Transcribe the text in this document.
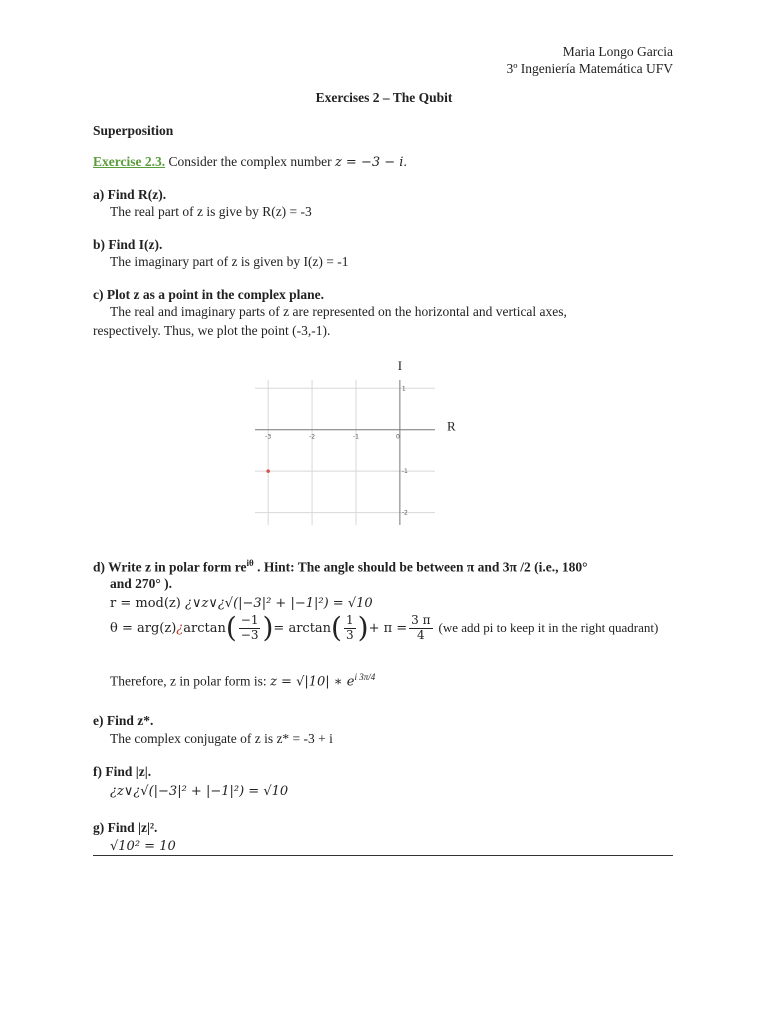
Maria Longo Garcia
3º Ingeniería Matemática UFV
Exercises 2 – The Qubit
Superposition
Exercise 2.3. Consider the complex number z = −3 − i.
a) Find R(z).
The real part of z is give by R(z) = -3
b) Find I(z).
The imaginary part of z is given by I(z) = -1
c) Plot z as a point in the complex plane.
The real and imaginary parts of z are represented on the horizontal and vertical axes,
respectively. Thus, we plot the point (-3,-1).
-3	-2	-1	0
1
-1
-2
I
R
d) Write z in polar form $re^{i\theta}$ . Hint: The angle should be between π and 3π /2 (i.e., 180°
and 270° ).
r = mod(z) ¿∨z∨¿√(|−3|² + |−1|²) = √10
θ = arg(z) ¿ arctan ( $\frac{-1}{-3}$ ) = arctan ( $\frac{1}{3}$ ) + $\pi = \frac{3 \pi}{4} (we$ add pi to keep it in the right quadrant)
Therefore, z in polar form is: z = √|10| ∗ $e^{i 3\pi/4}$
e) Find z*.
The complex conjugate of z is z* = -3 + i
f) Find |z|.
¿z∨¿√(|−3|² + |−1|²) = √10
g) Find |z|².
√10² = 10
